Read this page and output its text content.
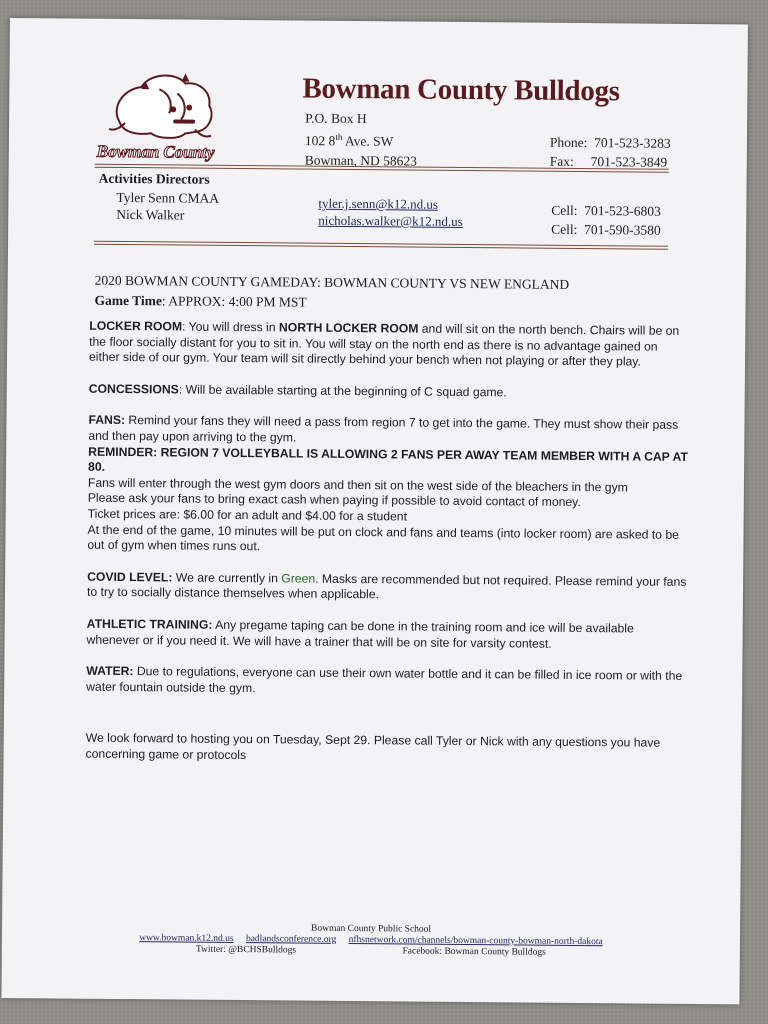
Bowman County
Bowman County Bulldogs
P.O. Box H
102 8th Ave. SW
Bowman, ND 58623
Phone: 701-523-3283
Fax: 701-523-3849
Activities Directors
Tyler Senn CMAA
Nick Walker
tyler.j.senn@k12.nd.us
nicholas.walker@k12.nd.us
Cell: 701-523-6803
Cell: 701-590-3580
2020 BOWMAN COUNTY GAMEDAY: BOWMAN COUNTY VS NEW ENGLAND
Game Time: APPROX: 4:00 PM MST

LOCKER ROOM: You will dress in NORTH LOCKER ROOM and will sit on the north bench. Chairs will be on the floor socially distant for you to sit in. You will stay on the north end as there is no advantage gained on either side of our gym. Your team will sit directly behind your bench when not playing or after they play.

CONCESSIONS: Will be available starting at the beginning of C squad game.

FANS: Remind your fans they will need a pass from region 7 to get into the game. They must show their pass and then pay upon arriving to the gym.
REMINDER: REGION 7 VOLLEYBALL IS ALLOWING 2 FANS PER AWAY TEAM MEMBER WITH A CAP AT 80.
Fans will enter through the west gym doors and then sit on the west side of the bleachers in the gym
Please ask your fans to bring exact cash when paying if possible to avoid contact of money.
Ticket prices are: $6.00 for an adult and $4.00 for a student
At the end of the game, 10 minutes will be put on clock and fans and teams (into locker room) are asked to be out of gym when times runs out.

COVID LEVEL: We are currently in Green. Masks are recommended but not required. Please remind your fans to try to socially distance themselves when applicable.

ATHLETIC TRAINING: Any pregame taping can be done in the training room and ice will be available whenever or if you need it. We will have a trainer that will be on site for varsity contest.

WATER: Due to regulations, everyone can use their own water bottle and it can be filled in ice room or with the water fountain outside the gym.

We look forward to hosting you on Tuesday, Sept 29. Please call Tyler or Nick with any questions you have concerning game or protocols

Bowman County Public School
www.bowman.k12.nd.us badlandsconference.org nfhsnetwork.com/channels/bowman-county-bowman-north-dakota
Twitter: @BCHSBulldogs	Facebook: Bowman County Bulldogs
